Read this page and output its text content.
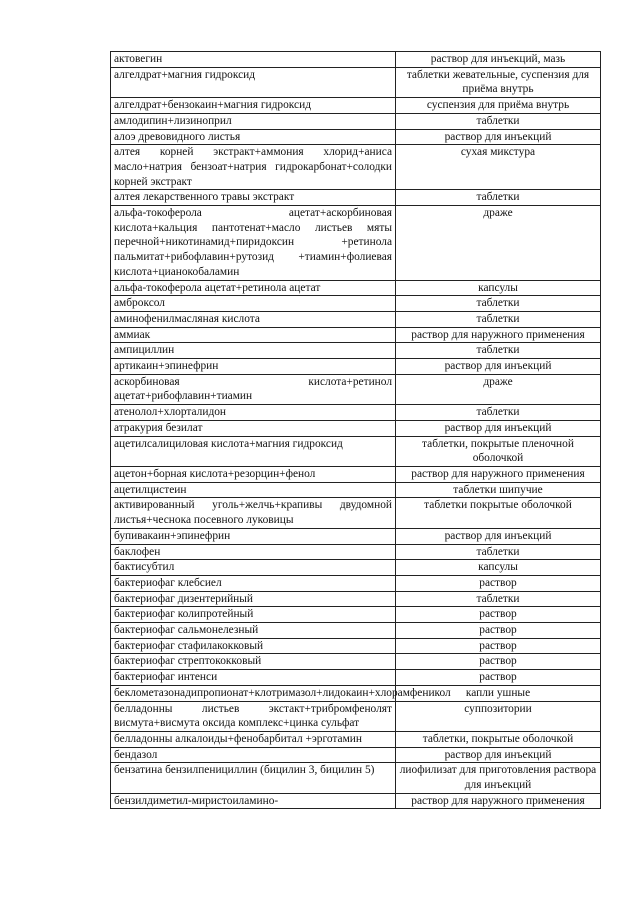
актовегин	раствор для инъекций, мазь
алгелдрат+магния гидроксид	таблетки жевательные, суспензия для приёма внутрь
алгелдрат+бензокаин+магния гидроксид	суспензия для приёма внутрь
амлодипин+лизиноприл	таблетки
алоэ древовидного листья	раствор для инъекций
алтея корней экстракт+аммония хлорид+аниса масло+натрия бензоат+натрия гидрокарбонат+солодки корней экстракт	сухая микстура
алтея лекарственного травы экстракт	таблетки
альфа-токоферола ацетат+аскорбиновая кислота+кальция пантотенат+масло листьев мяты перечной+никотинамид+пиридоксин +ретинола пальмитат+рибофлавин+рутозид +тиамин+фолиевая кислота+цианокобаламин	драже
альфа-токоферола ацетат+ретинола ацетат	капсулы
амброксол	таблетки
аминофенилмасляная кислота	таблетки
аммиак	раствор для наружного применения
ампициллин	таблетки
артикаин+эпинефрин	раствор для инъекций
аскорбиновая кислота+ретинол ацетат+рибофлавин+тиамин	драже
атенолол+хлорталидон	таблетки
атракурия безилат	раствор для инъекций
ацетилсалициловая кислота+магния гидроксид	таблетки, покрытые пленочной оболочкой
ацетон+борная кислота+резорцин+фенол	раствор для наружного применения
ацетилцистеин	таблетки шипучие
активированный уголь+желчь+крапивы двудомной листья+чеснока посевного луковицы	таблетки покрытые оболочкой
бупивакаин+эпинефрин	раствор для инъекций
баклофен	таблетки
бактисубтил	капсулы
бактериофаг клебсиел	раствор
бактериофаг дизентерийный	таблетки
бактериофаг колипротейный	раствор
бактериофаг сальмонелезный	раствор
бактериофаг стафилакокковый	раствор
бактериофаг стрептококковый	раствор
бактериофаг интенси	раствор
беклометазонадипропионат+клотримазол+лидокаин+хлорамфеникол	капли ушные
белладонны листьев экстакт+трибромфенолят висмута+висмута оксида комплекс+цинка сульфат	суппозитории
белладонны алкалоиды+фенобарбитал +эрготамин	таблетки, покрытые оболочкой
бендазол	раствор для инъекций
бензатина бензилпенициллин (бицилин 3, бицилин 5)	лиофилизат для приготовления раствора для инъекций
бензилдиметил-миристоиламино-	раствор для наружного применения
